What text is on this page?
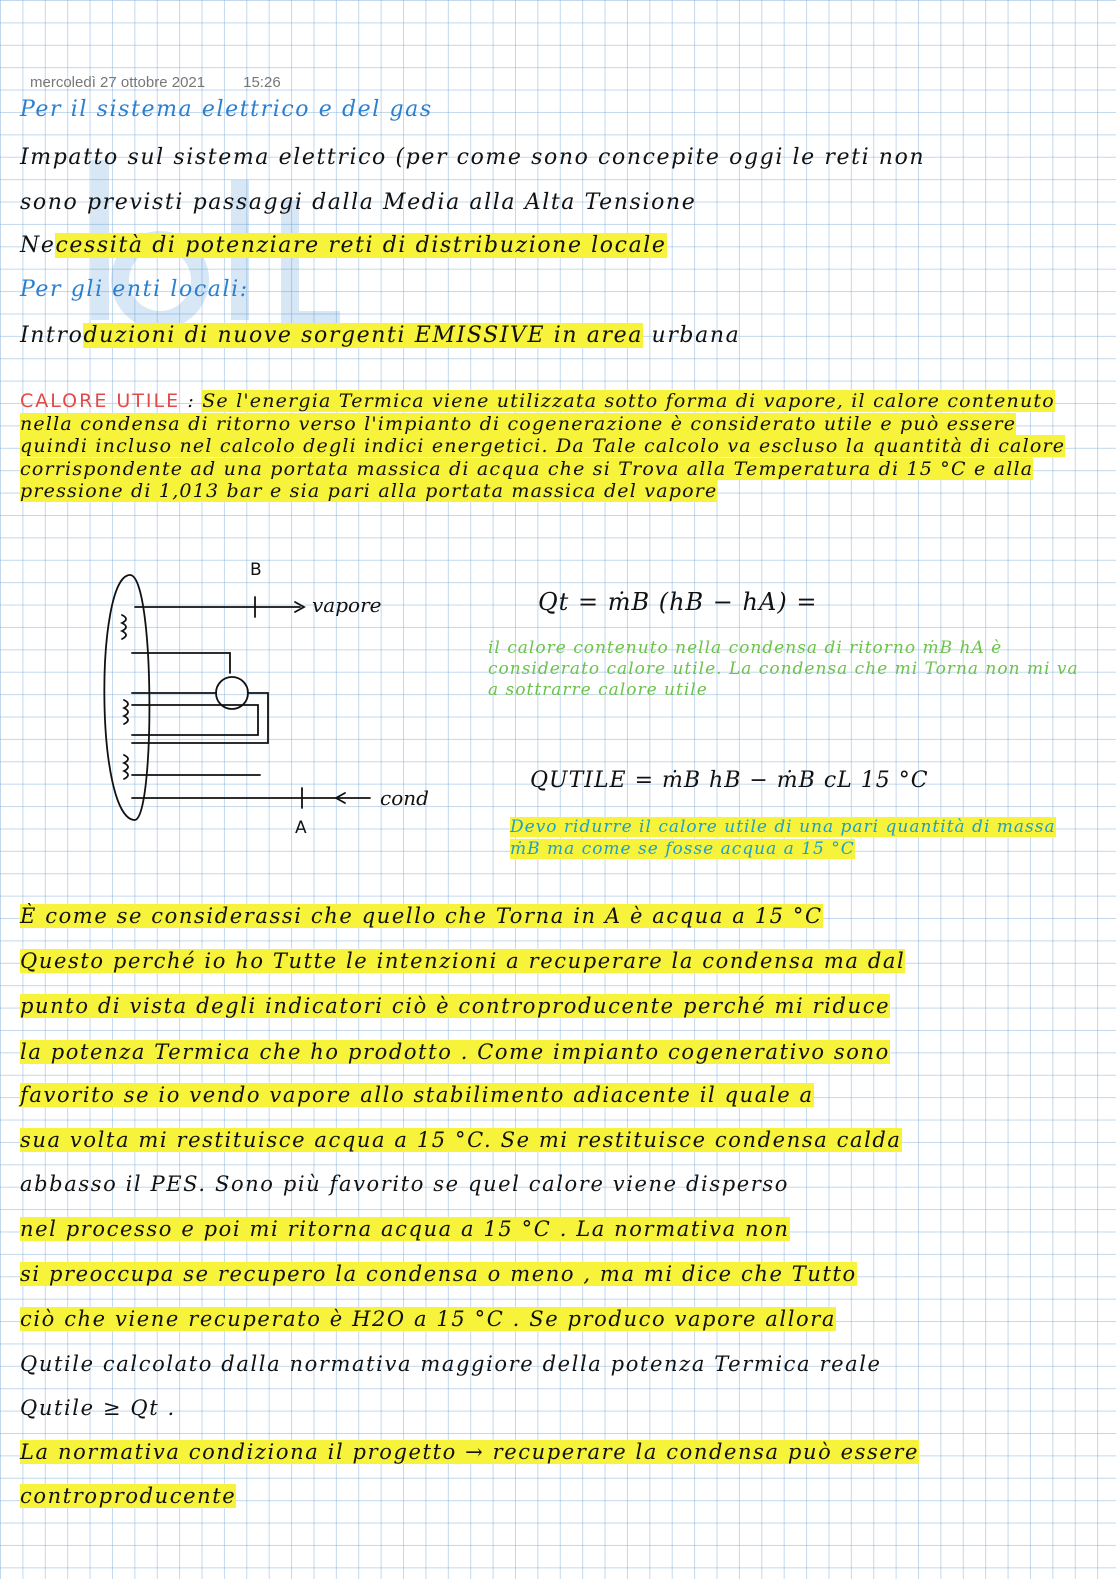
mercoledì 27 ottobre 2021	15:26
Per il sistema elettrico e del gas
Impatto sul sistema elettrico (per come sono concepite oggi le reti non
sono previsti passaggi dalla Media alla Alta Tensione
Necessità di potenziare reti di distribuzione locale
Per gli enti locali:
Introduzioni di nuove sorgenti EMISSIVE in area urbana
CALORE UTILE : Se l'energia Termica viene utilizzata sotto forma di vapore, il calore contenuto nella condensa di ritorno verso l'impianto di cogenerazione è considerato utile e può essere quindi incluso nel calcolo degli indici energetici. Da Tale calcolo va escluso la quantità di calore corrispondente ad una portata massica di acqua che si Trova alla Temperatura di 15 °C e alla pressione di 1,013 bar e sia pari alla portata massica del vapore
B
A
vapore
cond
Qt = ṁB (hB − hA) =
il calore contenuto nella condensa di ritorno ṁB hA è considerato calore utile. La condensa che mi Torna non mi va a sottrarre calore utile
QUTILE = ṁB hB − ṁB cL 15 °C
Devo ridurre il calore utile di una pari quantità di massa ṁB ma come se fosse acqua a 15 °C
È come se considerassi che quello che Torna in A è acqua a 15 °C
Questo perché io ho Tutte le intenzioni a recuperare la condensa ma dal
punto di vista degli indicatori ciò è controproducente perché mi riduce
la potenza Termica che ho prodotto . Come impianto cogenerativo sono
favorito se io vendo vapore allo stabilimento adiacente il quale a
sua volta mi restituisce acqua a 15 °C. Se mi restituisce condensa calda
abbasso il PES. Sono più favorito se quel calore viene disperso
nel processo e poi mi ritorna acqua a 15 °C . La normativa non
si preoccupa se recupero la condensa o meno , ma mi dice che Tutto
ciò che viene recuperato è H2O a 15 °C . Se produco vapore allora
Qutile calcolato dalla normativa maggiore della potenza Termica reale
Qutile ≥ Qt .
La normativa condiziona il progetto → recuperare la condensa può essere
controproducente
